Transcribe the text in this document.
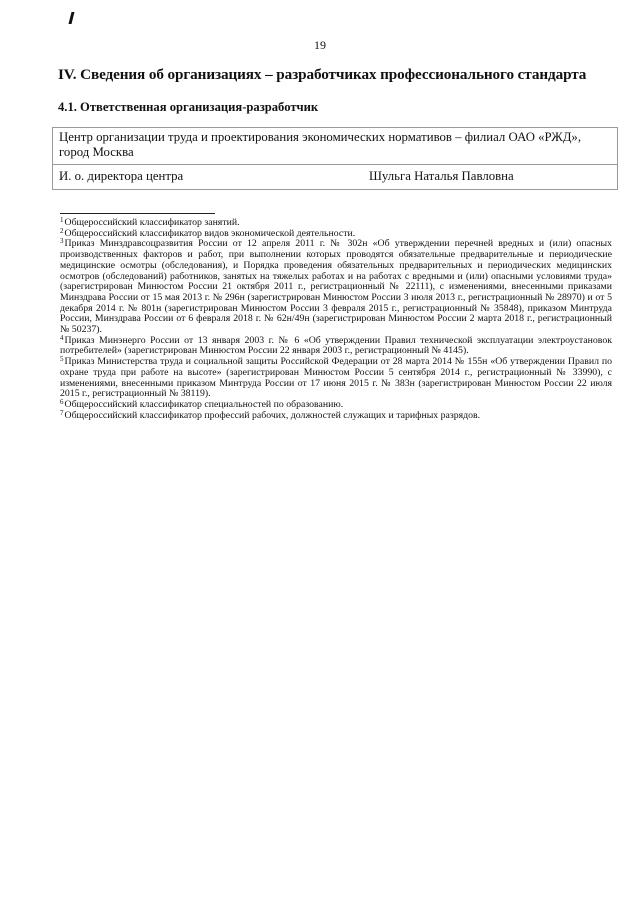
19
IV. Сведения об организациях – разработчиках профессионального стандарта
4.1. Ответственная организация-разработчик
Центр организации труда и проектирования экономических нормативов – филиал ОАО «РЖД», город Москва

И. о. директора центра	Шульга Наталья Павловна

$^1$Общероссийский классификатор занятий.

$^2$Общероссийский классификатор видов экономической деятельности.

$^3$Приказ Минздравсоцразвития России от 12 апреля 2011 г. № 302н «Об утверждении перечней вредных и (или) опасных производственных факторов и работ, при выполнении которых проводятся обязательные предварительные и периодические медицинские осмотры (обследования), и Порядка проведения обязательных предварительных и периодических медицинских осмотров (обследований) работников, занятых на тяжелых работах и на работах с вредными и (или) опасными условиями труда» (зарегистрирован Минюстом России 21 октября 2011 г., регистрационный № 22111), с изменениями, внесенными приказами Минздрава России от 15 мая 2013 г. № 296н (зарегистрирован Минюстом России 3 июля 2013 г., регистрационный № 28970) и от 5 декабря 2014 г. № 801н (зарегистрирован Минюстом России 3 февраля 2015 г., регистрационный № 35848), приказом Минтруда России, Минздрава России от 6 февраля 2018 г. № 62н/49н (зарегистрирован Минюстом России 2 марта 2018 г., регистрационный № 50237).

$^4$Приказ Минэнерго России от 13 января 2003 г. № 6 «Об утверждении Правил технической эксплуатации электроустановок потребителей» (зарегистрирован Минюстом России 22 января 2003 г., регистрационный № 4145).

$^5$Приказ Министерства труда и социальной защиты Российской Федерации от 28 марта 2014 № 155н «Об утверждении Правил по охране труда при работе на высоте» (зарегистрирован Минюстом России 5 сентября 2014 г., регистрационный № 33990), с изменениями, внесенными приказом Минтруда России от 17 июня 2015 г. № 383н (зарегистрирован Минюстом России 22 июля 2015 г., регистрационный № 38119).

$^6$Общероссийский классификатор специальностей по образованию.

$^7$Общероссийский классификатор профессий рабочих, должностей служащих и тарифных разрядов.
